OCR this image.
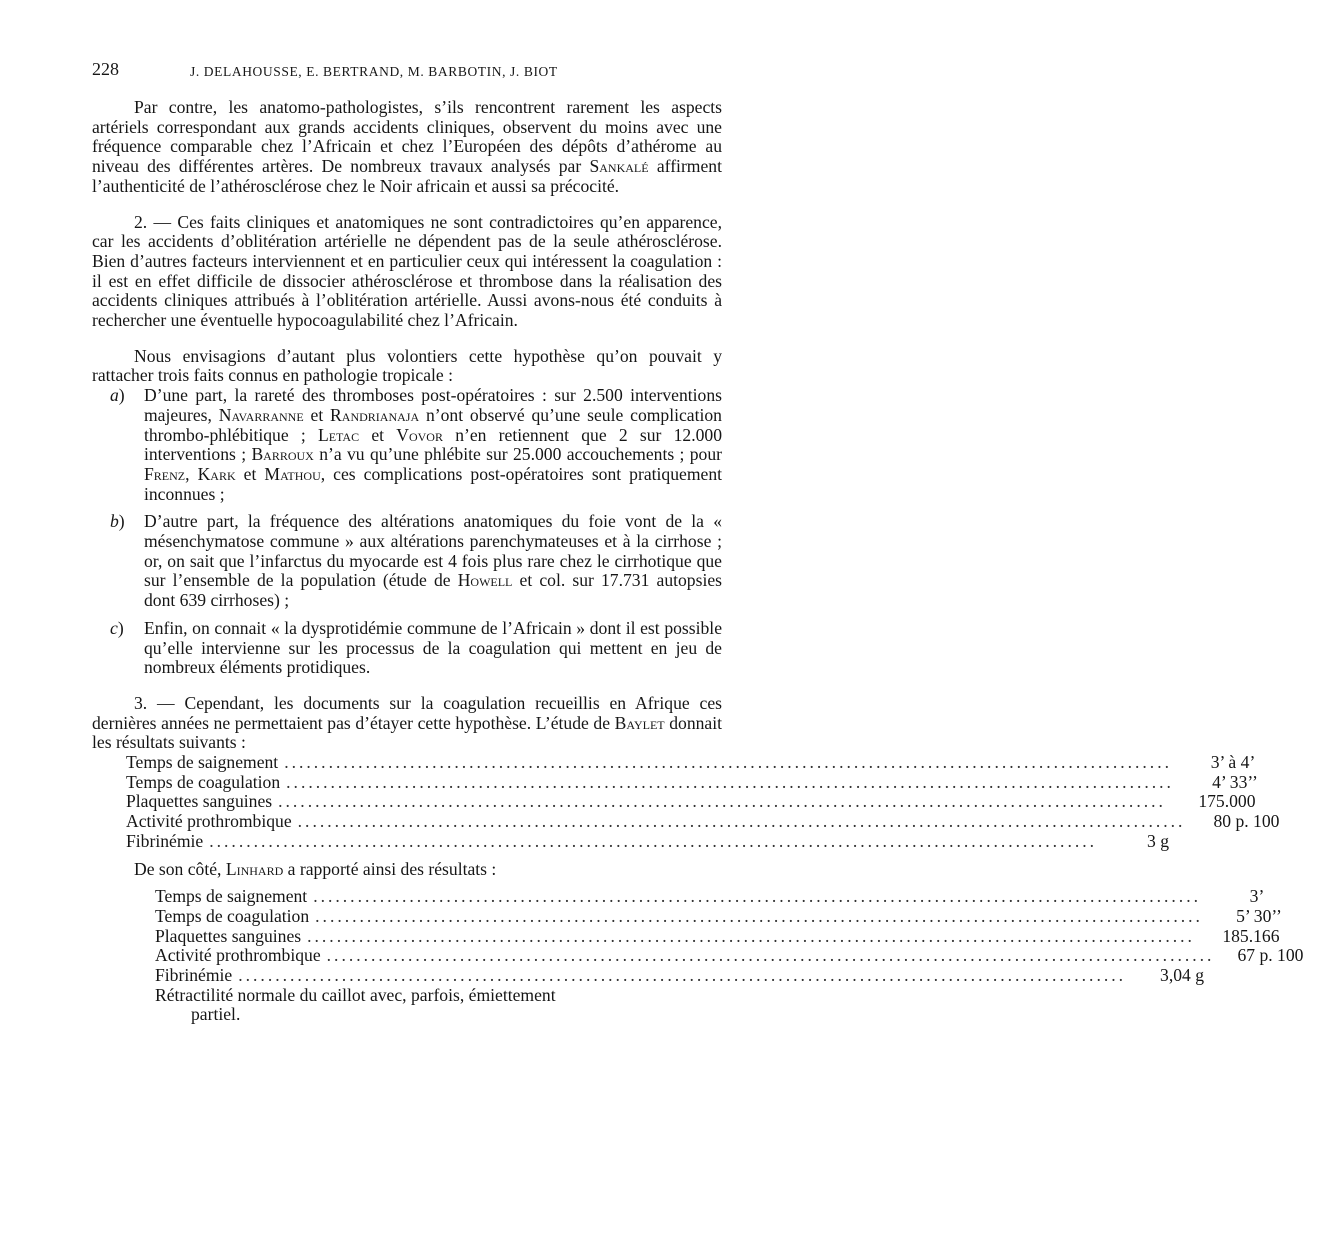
228	J. DELAHOUSSE, E. BERTRAND, M. BARBOTIN, J. BIOT

Par contre, les anatomo-pathologistes, s’ils rencontrent rarement les aspects artériels correspondant aux grands accidents cliniques, observent du moins avec une fréquence comparable chez l’Africain et chez l’Européen des dépôts d’athérome au niveau des différentes artères. De nombreux travaux analysés par Sankalé affirment l’authenticité de l’athérosclérose chez le Noir africain et aussi sa précocité.

2. — Ces faits cliniques et anatomiques ne sont contradictoires qu’en apparence, car les accidents d’oblitération artérielle ne dépendent pas de la seule athérosclérose. Bien d’autres facteurs interviennent et en particulier ceux qui intéressent la coagulation : il est en effet difficile de dissocier athérosclérose et thrombose dans la réalisation des accidents cliniques attribués à l’oblitération artérielle. Aussi avons-nous été conduits à rechercher une éventuelle hypocoagulabilité chez l’Africain.

Nous envisagions d’autant plus volontiers cette hypothèse qu’on pouvait y rattacher trois faits connus en pathologie tropicale :

a) D’une part, la rareté des thromboses post-opératoires : sur 2.500 interventions majeures, Navarranne et Randrianaja n’ont observé qu’une seule complication thrombo-phlébitique ; Letac et Vovor n’en retiennent que 2 sur 12.000 interventions ; Barroux n’a vu qu’une phlébite sur 25.000 accouchements ; pour Frenz, Kark et Mathou, ces complications post-opératoires sont pratiquement inconnues ;
b) D’autre part, la fréquence des altérations anatomiques du foie vont de la « mésenchymatose commune » aux altérations parenchymateuses et à la cirrhose ; or, on sait que l’infarctus du myocarde est 4 fois plus rare chez le cirrhotique que sur l’ensemble de la population (étude de Howell et col. sur 17.731 autopsies dont 639 cirrhoses) ;
c) Enfin, on connait « la dysprotidémie commune de l’Africain » dont il est possible qu’elle intervienne sur les processus de la coagulation qui mettent en jeu de nombreux éléments protidiques.

3. — Cependant, les documents sur la coagulation recueillis en Afrique ces dernières années ne permettaient pas d’étayer cette hypothèse. L’étude de Baylet donnait les résultats suivants :

Temps de saignement ........................................................................................................................	3’ à 4’
Temps de coagulation ........................................................................................................................	4’ 33’’
Plaquettes sanguines ........................................................................................................................	175.000
Activité prothrombique ........................................................................................................................	80 p. 100
Fibrinémie ........................................................................................................................	3 g

De son côté, Linhard a rapporté ainsi des résultats :

Temps de saignement ........................................................................................................................	3’
Temps de coagulation ........................................................................................................................	5’ 30’’
Plaquettes sanguines ........................................................................................................................	185.166
Activité prothrombique ........................................................................................................................	67 p. 100
Fibrinémie ........................................................................................................................	3,04 g

Rétractilité normale du caillot avec, parfois, émiettement
partiel.
